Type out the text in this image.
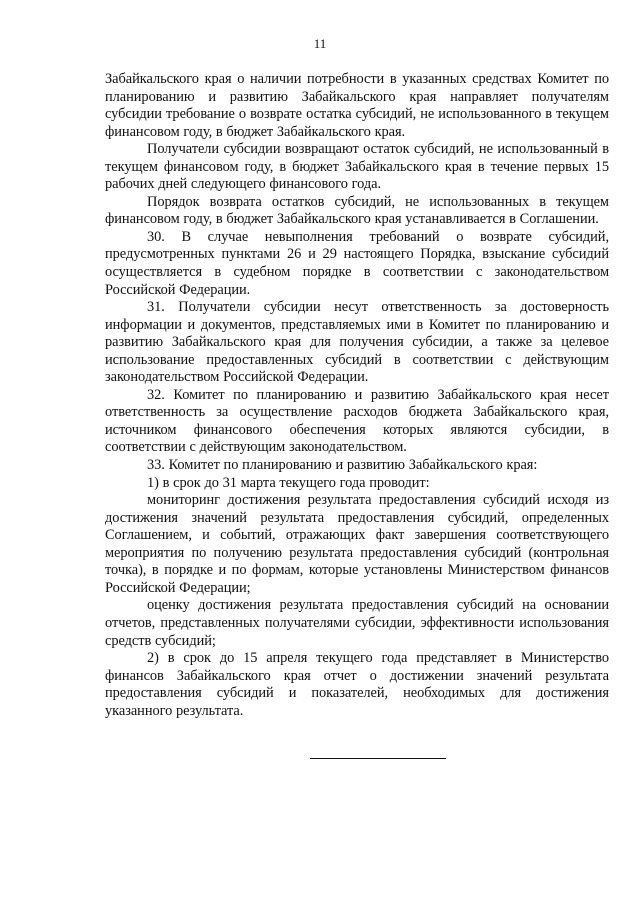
11

Забайкальского края о наличии потребности в указанных средствах Комитет по планированию и развитию Забайкальского края направляет получателям субсидии требование о возврате остатка субсидий, не использованного в текущем финансовом году, в бюджет Забайкальского края.

Получатели субсидии возвращают остаток субсидий, не использованный в текущем финансовом году, в бюджет Забайкальского края в течение первых 15 рабочих дней следующего финансового года.

Порядок возврата остатков субсидий, не использованных в текущем финансовом году, в бюджет Забайкальского края устанавливается в Соглашении.

30. В случае невыполнения требований о возврате субсидий, предусмотренных пунктами 26 и 29 настоящего Порядка, взыскание субсидий осуществляется в судебном порядке в соответствии с законодательством Российской Федерации.

31. Получатели субсидии несут ответственность за достоверность информации и документов, представляемых ими в Комитет по планированию и развитию Забайкальского края для получения субсидии, а также за целевое использование предоставленных субсидий в соответствии с действующим законодательством Российской Федерации.

32. Комитет по планированию и развитию Забайкальского края несет ответственность за осуществление расходов бюджета Забайкальского края, источником финансового обеспечения которых являются субсидии, в соответствии с действующим законодательством.

33. Комитет по планированию и развитию Забайкальского края:

1) в срок до 31 марта текущего года проводит:

мониторинг достижения результата предоставления субсидий исходя из достижения значений результата предоставления субсидий, определенных Соглашением, и событий, отражающих факт завершения соответствующего мероприятия по получению результата предоставления субсидий (контрольная точка), в порядке и по формам, которые установлены Министерством финансов Российской Федерации;

оценку достижения результата предоставления субсидий на основании отчетов, представленных получателями субсидии, эффективности использования средств субсидий;

2) в срок до 15 апреля текущего года представляет в Министерство финансов Забайкальского края отчет о достижении значений результата предоставления субсидий и показателей, необходимых для достижения указанного результата.
